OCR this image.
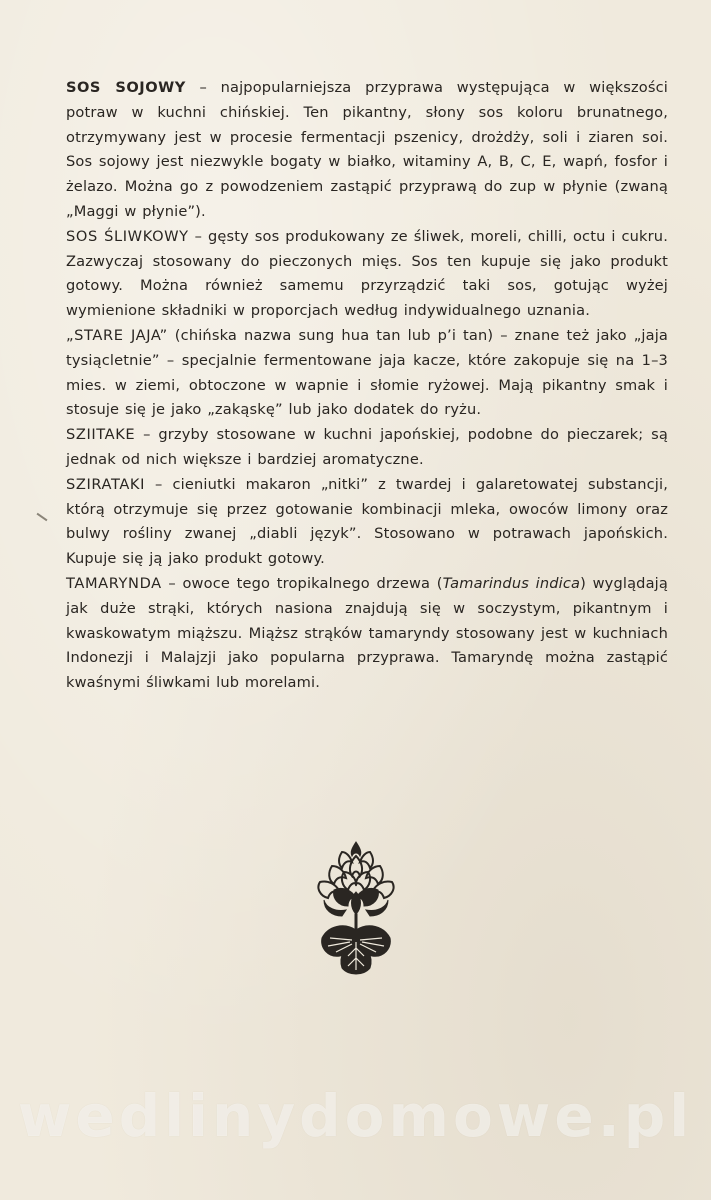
SOS SOJOWY – najpopularniejsza przyprawa występująca w większości potraw w kuchni chińskiej. Ten pikantny, słony sos koloru brunatnego, otrzymywany jest w procesie fermentacji pszenicy, drożdży, soli i ziaren soi. Sos sojowy jest niezwykle bogaty w białko, witaminy A, B, C, E, wapń, fosfor i żelazo. Można go z powodzeniem zastąpić przyprawą do zup w płynie (zwaną „Maggi w płynie”).

SOS ŚLIWKOWY – gęsty sos produkowany ze śliwek, moreli, chilli, octu i cukru. Zazwyczaj stosowany do pieczonych mięs. Sos ten kupuje się jako produkt gotowy. Można również samemu przyrządzić taki sos, gotując wyżej wymienione składniki w proporcjach według indywidualnego uznania.

„STARE JAJA” (chińska nazwa sung hua tan lub p’i tan) – znane też jako „jaja tysiącletnie” – specjalnie fermentowane jaja kacze, które zakopuje się na 1–3 mies. w ziemi, obtoczone w wapnie i słomie ryżowej. Mają pikantny smak i stosuje się je jako „zakąskę” lub jako dodatek do ryżu.

SZIITAKE – grzyby stosowane w kuchni japońskiej, podobne do pieczarek; są jednak od nich większe i bardziej aromatyczne.

SZIRATAKI – cieniutki makaron „nitki” z twardej i galaretowatej substancji, którą otrzymuje się przez gotowanie kombinacji mleka, owoców limony oraz bulwy rośliny zwanej „diabli język”. Stosowano w potrawach japońskich. Kupuje się ją jako produkt gotowy.

TAMARYNDA – owoce tego tropikalnego drzewa (Tamarindus indica) wyglądają jak duże strąki, których nasiona znajdują się w soczystym, pikantnym i kwaskowatym miąższu. Miąższ strąków tamaryndy stosowany jest w kuchniach Indonezji i Malajzji jako popularna przyprawa. Tamaryndę można zastąpić kwaśnymi śliwkami lub morelami.

wedlinydomowe.pl
